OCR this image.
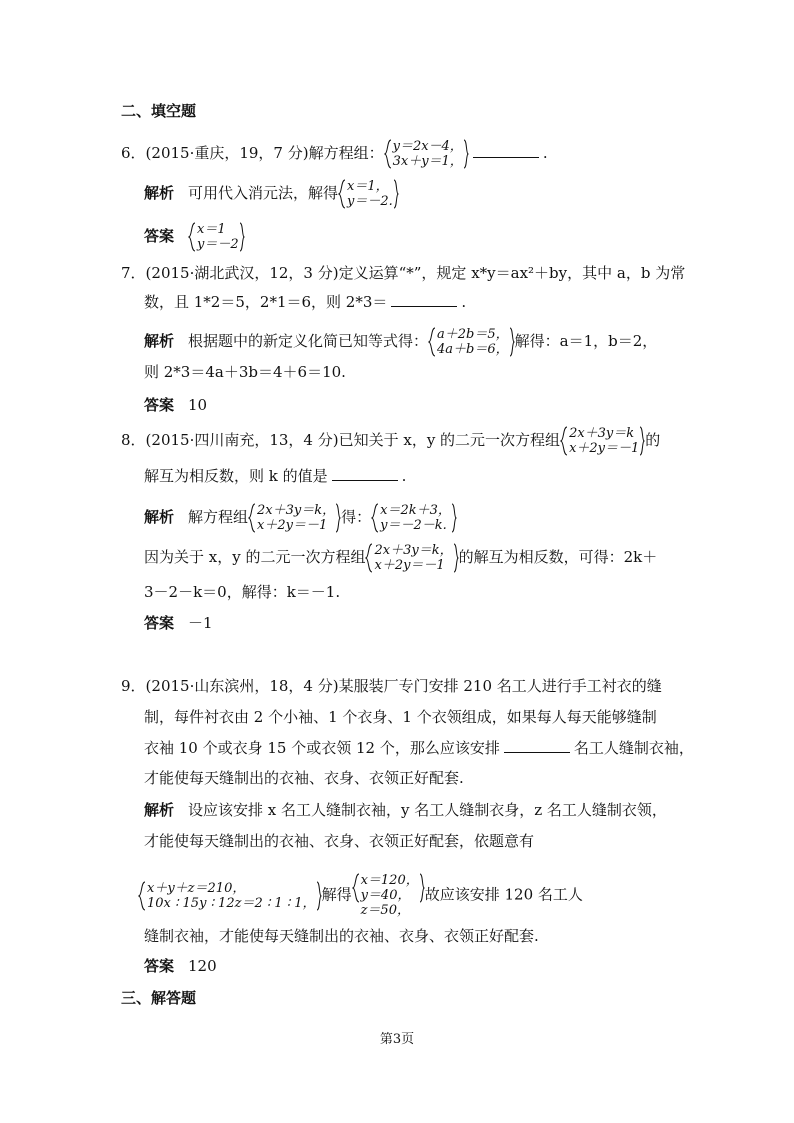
二、填空题
6．(2015·重庆，19，7 分)解方程组： y＝2x－4，
3x＋y＝1，	.
解析 可用代入消元法，解得 x＝1，
y＝－2.
答案 x＝1
y＝－2
7．(2015·湖北武汉，12，3 分)定义运算“*”，规定 x*y＝ax²＋by，其中 a，b 为常
数，且 1*2＝5，2*1＝6，则 2*3＝	.
解析 根据题中的新定义化简已知等式得： a＋2b＝5，
4a＋b＝6， 解得：a＝1，b＝2，
则 2*3＝4a＋3b＝4＋6＝10.
答案 10
8．(2015·四川南充，13，4 分)已知关于 x，y 的二元一次方程组 2x＋3y＝k
x＋2y＝－1 的
解互为相反数，则 k 的值是	.
解析 解方程组 2x＋3y＝k，
x＋2y＝－1 得： x＝2k＋3，
y＝－2－k.
因为关于 x，y 的二元一次方程组 2x＋3y＝k，
x＋2y＝－1 的解互为相反数，可得：2k＋
3－2－k＝0，解得：k＝－1.
答案 －1
9．(2015·山东滨州，18，4 分)某服装厂专门安排 210 名工人进行手工衬衣的缝
制，每件衬衣由 2 个小袖、1 个衣身、1 个衣领组成，如果每人每天能够缝制
衣袖 10 个或衣身 15 个或衣领 12 个，那么应该安排	名工人缝制衣袖，
才能使每天缝制出的衣袖、衣身、衣领正好配套.
解析 设应该安排 x 名工人缝制衣袖，y 名工人缝制衣身，z 名工人缝制衣领，
才能使每天缝制出的衣袖、衣身、衣领正好配套，依题意有
x＋y＋z＝210，
10x ∶ 15y ∶ 12z＝2 ∶ 1 ∶ 1， 解得
x＝120，
y＝40，
z＝50，
故应该安排 120 名工人
缝制衣袖，才能使每天缝制出的衣袖、衣身、衣领正好配套.
答案 120
三、解答题
第3页
